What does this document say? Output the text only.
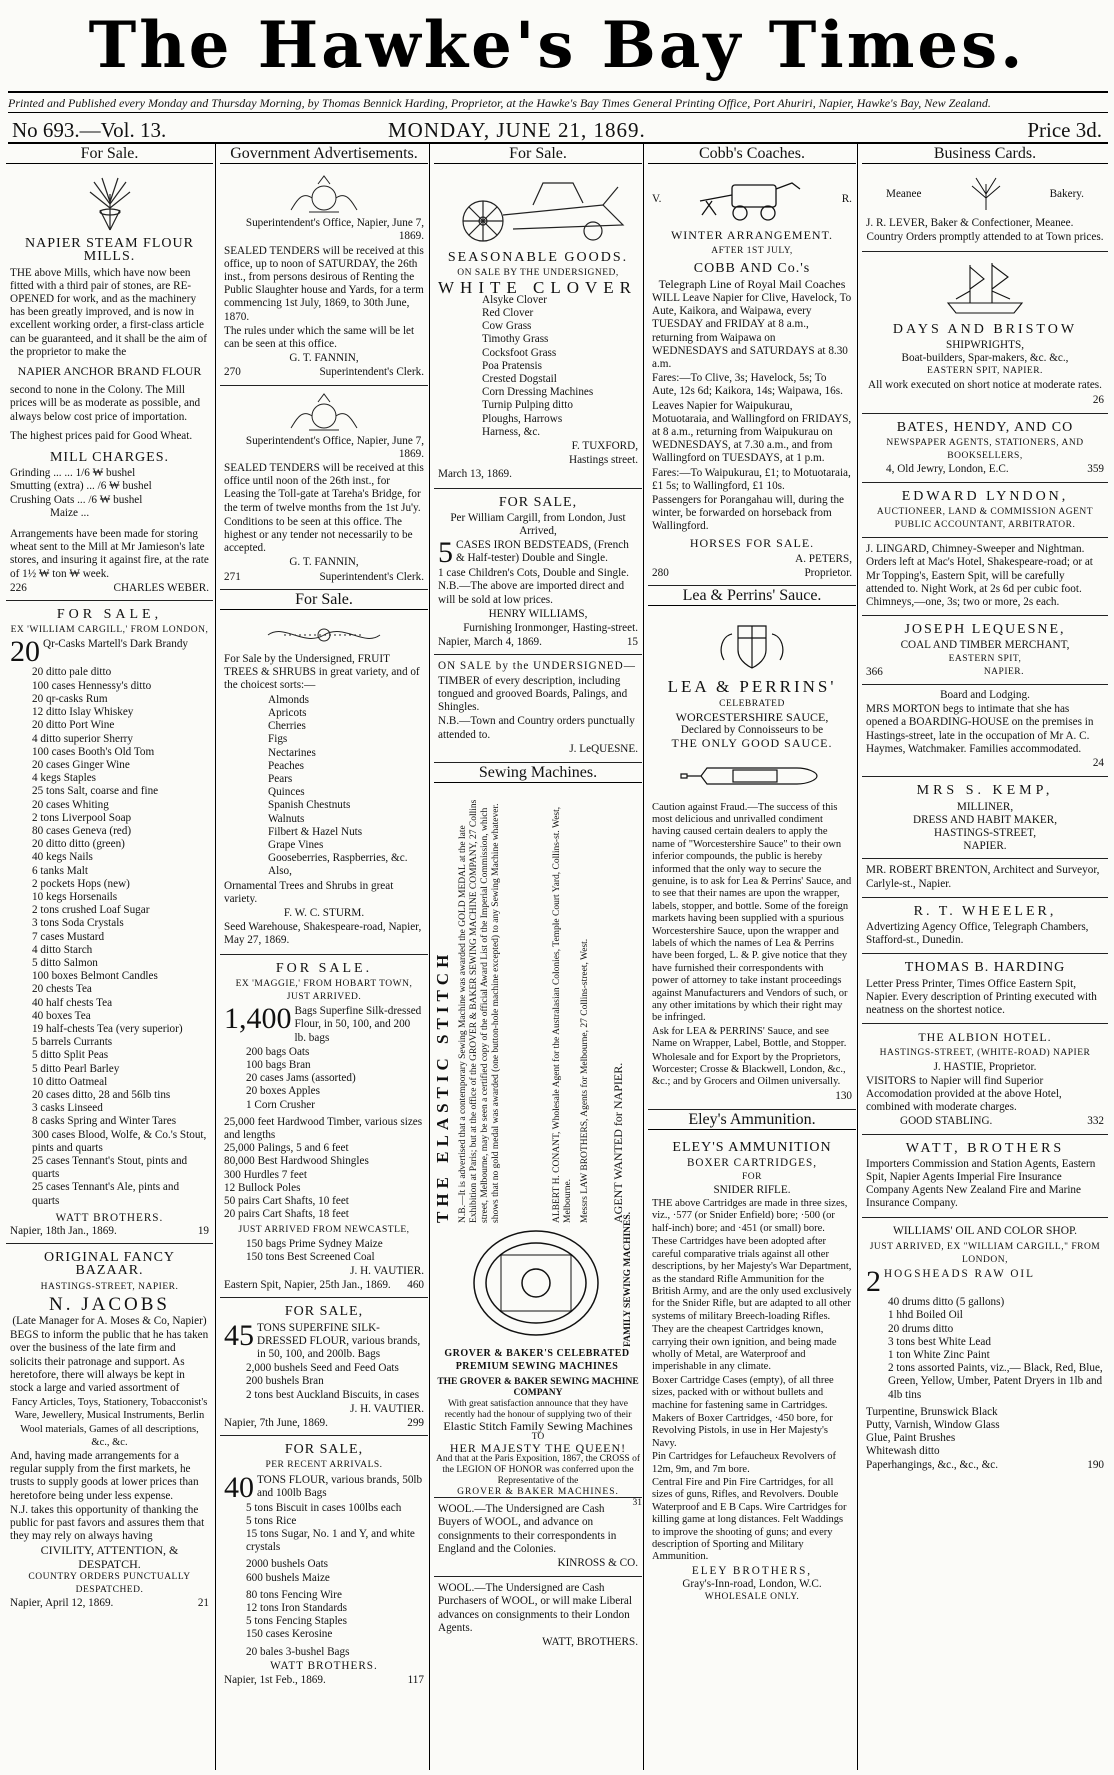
The Hawke's Bay Times.
Printed and Published every Monday and Thursday Morning, by Thomas Bennick Harding, Proprietor, at the Hawke's Bay Times General Printing Office, Port Ahuriri, Napier, Hawke's Bay, New Zealand.
No 693.—Vol. 13.	MONDAY, JUNE 21, 1869.	Price 3d.
For Sale.
NAPIER STEAM FLOUR MILLS.

THE above Mills, which have now been fitted with a third pair of stones, are RE-OPENED for work, and as the machinery has been greatly improved, and is now in excellent working order, a first-class article can be guaranteed, and it shall be the aim of the proprietor to make the

NAPIER ANCHOR BRAND FLOUR

second to none in the Colony. The Mill prices will be as moderate as possible, and always below cost price of importation.

The highest prices paid for Good Wheat.

MILL CHARGES.
Grinding ... ... 1/6 ₩ bushel
Smutting (extra) ... /6 ₩ bushel
Crushing Oats ... /6 ₩ bushel
Maize ...

Arrangements have been made for storing wheat sent to the Mill at Mr Jamieson's late stores, and insuring it against fire, at the rate of 1½ ₩ ton ₩ week.

226	CHARLES WEBER.
FOR SALE,
EX 'WILLIAM CARGILL,' FROM LONDON,

20 Qr-Casks Martell's Dark Brandy

20 ditto pale ditto
100 cases Hennessy's ditto
20 qr-casks Rum
12 ditto Islay Whiskey
20 ditto Port Wine
4 ditto superior Sherry
100 cases Booth's Old Tom
20 cases Ginger Wine
4 kegs Staples
25 tons Salt, coarse and fine
20 cases Whiting
2 tons Liverpool Soap
80 cases Geneva (red)
20 ditto ditto (green)
40 kegs Nails
6 tanks Malt
2 pockets Hops (new)
10 kegs Horsenails
2 tons crushed Loaf Sugar
3 tons Soda Crystals
7 cases Mustard
4 ditto Starch
5 ditto Salmon
100 boxes Belmont Candles
20 chests Tea
40 half chests Tea
40 boxes Tea
19 half-chests Tea (very superior)
5 barrels Currants
5 ditto Split Peas
5 ditto Pearl Barley
10 ditto Oatmeal
20 cases ditto, 28 and 56lb tins
3 casks Linseed
8 casks Spring and Winter Tares
300 cases Blood, Wolfe, & Co.'s Stout, pints and quarts
25 cases Tennant's Stout, pints and quarts
25 cases Tennant's Ale, pints and quarts
WATT BROTHERS.
Napier, 18th Jan., 1869.	19
ORIGINAL FANCY BAZAAR.
HASTINGS-STREET, NAPIER.
N. JACOBS
(Late Manager for A. Moses & Co, Napier)

BEGS to inform the public that he has taken over the business of the late firm and solicits their patronage and support. As heretofore, there will always be kept in stock a large and varied assortment of

Fancy Articles, Toys, Stationery, Tobacconist's Ware, Jewellery, Musical Instruments, Berlin Wool materials, Games of all descriptions, &c., &c.

And, having made arrangements for a regular supply from the first markets, he trusts to supply goods at lower prices than heretofore being under less expense.

N.J. takes this opportunity of thanking the public for past favors and assures them that they may rely on always having

CIVILITY, ATTENTION, & DESPATCH.
COUNTRY ORDERS PUNCTUALLY DESPATCHED.
Napier, April 12, 1869.	21
Government Advertisements.

Superintendent's Office, Napier, June 7, 1869.

SEALED TENDERS will be received at this office, up to noon of SATURDAY, the 26th inst., from persons desirous of Renting the Public Slaughter house and Yards, for a term commencing 1st July, 1869, to 30th June, 1870.

The rules under which the same will be let can be seen at this office.

G. T. FANNIN,

270	Superintendent's Clerk.

Superintendent's Office, Napier, June 7, 1869.

SEALED TENDERS will be received at this office until noon of the 26th inst., for Leasing the Toll-gate at Tareha's Bridge, for the term of twelve months from the 1st Ju'y.

Conditions to be seen at this office. The highest or any tender not necessarily to be accepted.

G. T. FANNIN,

271	Superintendent's Clerk.
For Sale.

For Sale by the Undersigned, FRUIT TREES & SHRUBS in great variety, and of the choicest sorts:—

Almonds
Apricots
Cherries
Figs
Nectarines
Peaches
Pears
Quinces
Spanish Chestnuts
Walnuts
Filbert & Hazel Nuts
Grape Vines
Gooseberries, Raspberries, &c.
Also,

Ornamental Trees and Shrubs in great variety.

F. W. C. STURM.

Seed Warehouse, Shakespeare-road, Napier, May 27, 1869.

FOR SALE.
EX 'MAGGIE,' FROM HOBART TOWN, JUST ARRIVED.

1,400 Bags Superfine Silk-dressed Flour, in 50, 100, and 200 lb. bags

200 bags Oats
100 bags Bran
20 cases Jams (assorted)
20 boxes Apples
1 Corn Crusher
25,000 feet Hardwood Timber, various sizes and lengths
25,000 Palings, 5 and 6 feet
80,000 Best Hardwood Shingles
300 Hurdles 7 feet
12 Bullock Poles
50 pairs Cart Shafts, 10 feet
20 pairs Cart Shafts, 18 feet
JUST ARRIVED FROM NEWCASTLE,
150 bags Prime Sydney Maize
150 tons Best Screened Coal

J. H. VAUTIER.

Eastern Spit, Napier, 25th Jan., 1869. 460
FOR SALE,

45 TONS SUPERFINE SILK-DRESSED FLOUR, various brands, in 50, 100, and 200lb. Bags

2,000 bushels Seed and Feed Oats
200 bushels Bran
2 tons best Auckland Biscuits, in cases

J. H. VAUTIER.

Napier, 7th June, 1869.	299
FOR SALE,
PER RECENT ARRIVALS.

40 TONS FLOUR, various brands, 50lb and 100lb Bags

5 tons Biscuit in cases 100lbs each
5 tons Rice
15 tons Sugar, No. 1 and Y, and white crystals
2000 bushels Oats
600 bushels Maize
80 tons Fencing Wire
12 tons Iron Standards
5 tons Fencing Staples
150 cases Kerosine
20 bales 3-bushel Bags

WATT BROTHERS.

Napier, 1st Feb., 1869.	117
For Sale.
SEASONABLE GOODS.
ON SALE BY THE UNDERSIGNED,
WHITE CLOVER
Alsyke Clover
Red Clover
Cow Grass
Timothy Grass
Cocksfoot Grass
Poa Pratensis
Crested Dogstail
Corn Dressing Machines
Turnip Pulping ditto
Ploughs, Harrows
Harness, &c.

F. TUXFORD,

Hastings street.

March 13, 1869.

FOR SALE,

Per William Cargill, from London, Just Arrived,

5 CASES IRON BEDSTEADS, (French & Half-tester) Double and Single.

1 case Children's Cots, Double and Single. N.B.—The above are imported direct and will be sold at low prices.

HENRY WILLIAMS,

Furnishing Ironmonger, Hasting-street.

Napier, March 4, 1869.	15

ON SALE by the UNDERSIGNED—

TIMBER of every description, including tongued and grooved Boards, Palings, and Shingles.

N.B.—Town and Country orders punctually attended to.

J. LeQUESNE.

Sewing Machines.
THE ELASTIC STITCH N.B.—It is advertised that a contemporary Sewing Machine was awarded the GOLD MEDAL at the late Exhibition at Paris; but at the office of the GROVER & BAKER SEWING MACHINE COMPANY, 27 Collins street, Melbourne, may be seen a certified copy of the official Award List of the Imperial Commission, which shows that no gold medal was awarded (one button-hole machine excepted) to any Sewing Machine whatever.	ALBERT H. CONANT, Wholesale Agent for the Australasian Colonies, Temple Court Yard, Collins-st. West, Melbourne. Messrs LAW BROTHERS, Agents for Melbourne, 27 Collins-street, West. AGENT WANTED for NAPIER.
GROVER & BAKER'S CELEBRATED PREMIUM SEWING MACHINES
FAMILY SEWING MACHINES.
THE GROVER & BAKER SEWING MACHINE COMPANY
With great satisfaction announce that they have recently had the honour of supplying two of their
Elastic Stitch Family Sewing Machines
TO
HER MAJESTY THE QUEEN!
And that at the Paris Exposition, 1867, the CROSS of the LEGION OF HONOR was conferred upon the Representative of the
GROVER & BAKER MACHINES.
31

WOOL.—The Undersigned are Cash Buyers of WOOL, and advance on consignments to their correspondents in England and the Colonies.

KINROSS & CO.

WOOL.—The Undersigned are Cash Purchasers of WOOL, or will make Liberal advances on consignments to their London Agents.

WATT, BROTHERS.

Cobb's Coaches.
V.	R.
WINTER ARRANGEMENT.
AFTER 1ST JULY,
COBB AND Co.'s
Telegraph Line of Royal Mail Coaches

WILL Leave Napier for Clive, Havelock, To Aute, Kaikora, and Waipawa, every TUESDAY and FRIDAY at 8 a.m., returning from Waipawa on WEDNESDAYS and SATURDAYS at 8.30 a.m.

Fares:—To Clive, 3s; Havelock, 5s; To Aute, 12s 6d; Kaikora, 14s; Waipawa, 16s.

Leaves Napier for Waipukurau, Motuotaraia, and Wallingford on FRIDAYS, at 8 a.m., returning from Waipukurau on WEDNESDAYS, at 7.30 a.m., and from Wallingford on TUESDAYS, at 1 p.m.

Fares:—To Waipukurau, £1; to Motuotaraia, £1 5s; to Wallingford, £1 10s.

Passengers for Porangahau will, during the winter, be forwarded on horseback from Wallingford.

HORSES FOR SALE.

A. PETERS,

280	Proprietor.
Lea & Perrins' Sauce.
LEA & PERRINS'
CELEBRATED
WORCESTERSHIRE SAUCE,
Declared by Connoisseurs to be
THE ONLY GOOD SAUCE.

Caution against Fraud.—The success of this most delicious and unrivalled condiment having caused certain dealers to apply the name of "Worcestershire Sauce" to their own inferior compounds, the public is hereby informed that the only way to secure the genuine, is to ask for Lea & Perrins' Sauce, and to see that their names are upon the wrapper, labels, stopper, and bottle. Some of the foreign markets having been supplied with a spurious Worcestershire Sauce, upon the wrapper and labels of which the names of Lea & Perrins have been forged, L. & P. give notice that they have furnished their correspondents with power of attorney to take instant proceedings against Manufacturers and Vendors of such, or any other imitations by which their right may be infringed.

Ask for LEA & PERRINS' Sauce, and see Name on Wrapper, Label, Bottle, and Stopper.

Wholesale and for Export by the Proprietors, Worcester; Crosse & Blackwell, London, &c., &c.; and by Grocers and Oilmen universally.

130

Eley's Ammunition.
ELEY'S AMMUNITION
BOXER CARTRIDGES,
FOR
SNIDER RIFLE.

THE above Cartridges are made in three sizes, viz., ·577 (or Snider Enfield) bore; ·500 (or half-inch) bore; and ·451 (or small) bore.

These Cartridges have been adopted after careful comparative trials against all other descriptions, by her Majesty's War Department, as the standard Rifle Ammunition for the British Army, and are the only used exclusively for the Snider Rifle, but are adapted to all other systems of military Breech-loading Rifles.

They are the cheapest Cartridges known, carrying their own ignition, and being made wholly of Metal, are Waterproof and imperishable in any climate.

Boxer Cartridge Cases (empty), of all three sizes, packed with or without bullets and machine for fastening same in Cartridges.

Makers of Boxer Cartridges, ·450 bore, for Revolving Pistols, in use in Her Majesty's Navy.

Pin Cartridges for Lefaucheux Revolvers of 12m, 9m, and 7m bore.

Central Fire and Pin Fire Cartridges, for all sizes of guns, Rifles, and Revolvers. Double Waterproof and E B Caps. Wire Cartridges for killing game at long distances. Felt Waddings to improve the shooting of guns; and every description of Sporting and Military Ammunition.

ELEY BROTHERS,
Gray's-Inn-road, London, W.C.
WHOLESALE ONLY.
Business Cards.
Meanee	Bakery.

J. R. LEVER, Baker & Confectioner, Meanee.

Country Orders promptly attended to at Town prices.

DAYS AND BRISTOW
SHIPWRIGHTS,
Boat-builders, Spar-makers, &c. &c.,
EASTERN SPIT, NAPIER.

All work executed on short notice at moderate rates.

26

BATES, HENDY, AND CO
NEWSPAPER AGENTS, STATIONERS, AND BOOKSELLERS,
4, Old Jewry, London, E.C.	359
EDWARD LYNDON,
AUCTIONEER, LAND & COMMISSION AGENT PUBLIC ACCOUNTANT, ARBITRATOR.

J. LINGARD, Chimney-Sweeper and Nightman. Orders left at Mac's Hotel, Shakespeare-road; or at Mr Topping's, Eastern Spit, will be carefully attended to. Night Work, at 2s 6d per cubic foot. Chimneys,—one, 3s; two or more, 2s each.

JOSEPH LEQUESNE,
COAL AND TIMBER MERCHANT,
EASTERN SPIT,
366	NAPIER.
Board and Lodging.

MRS MORTON begs to intimate that she has opened a BOARDING-HOUSE on the premises in Hastings-street, late in the occupation of Mr A. C. Haymes, Watchmaker. Families accommodated.

24

MRS S. KEMP,
MILLINER,
DRESS AND HABIT MAKER,
HASTINGS-STREET,
NAPIER.

MR. ROBERT BRENTON, Architect and Surveyor, Carlyle-st., Napier.

R. T. WHEELER,

Advertizing Agency Office, Telegraph Chambers, Stafford-st., Dunedin.

THOMAS B. HARDING

Letter Press Printer, Times Office Eastern Spit, Napier. Every description of Printing executed with neatness on the shortest notice.

THE ALBION HOTEL.
HASTINGS-STREET, (WHITE-ROAD) NAPIER
J. HASTIE, Proprietor.

VISITORS to Napier will find Superior Accomodation provided at the above Hotel, combined with moderate charges.

GOOD STABLING.	332
WATT, BROTHERS

Importers Commission and Station Agents, Eastern Spit, Napier Agents Imperial Fire Insurance Company Agents New Zealand Fire and Marine Insurance Company.

WILLIAMS' OIL AND COLOR SHOP.
JUST ARRIVED, EX "WILLIAM CARGILL," FROM LONDON,

2 HOGSHEADS RAW OIL

40 drums ditto (5 gallons)
1 hhd Boiled Oil
20 drums ditto
3 tons best White Lead
1 ton White Zinc Paint
2 tons assorted Paints, viz.,— Black, Red, Blue, Green, Yellow, Umber, Patent Dryers in 1lb and 4lb tins
Turpentine, Brunswick Black
Putty, Varnish, Window Glass
Glue, Paint Brushes
Whitewash ditto
Paperhangings, &c., &c., &c.	190
